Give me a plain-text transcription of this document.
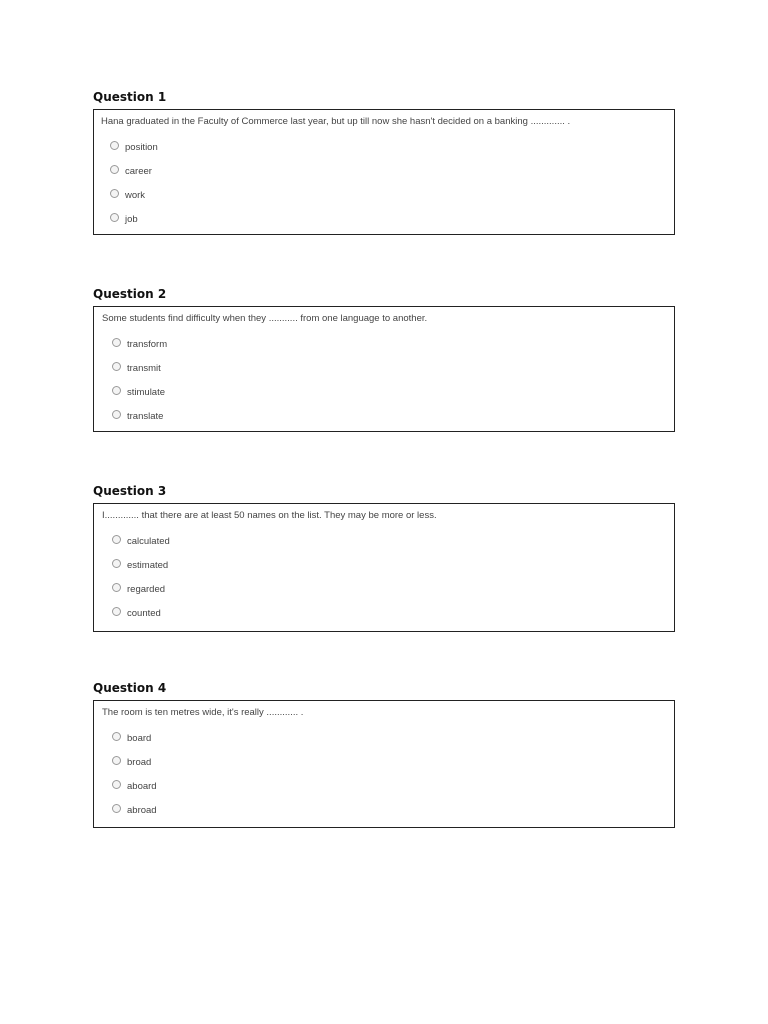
Question 1
Hana graduated in the Faculty of Commerce last year, but up till now she hasn't decided on a banking ............. .
position
career
work
job
Question 2
Some students find difficulty when they ........... from one language to another.
transform
transmit
stimulate
translate
Question 3
I............. that there are at least 50 names on the list. They may be more or less.
calculated
estimated
regarded
counted
Question 4
The room is ten metres wide, it's really ............ .
board
broad
aboard
abroad
